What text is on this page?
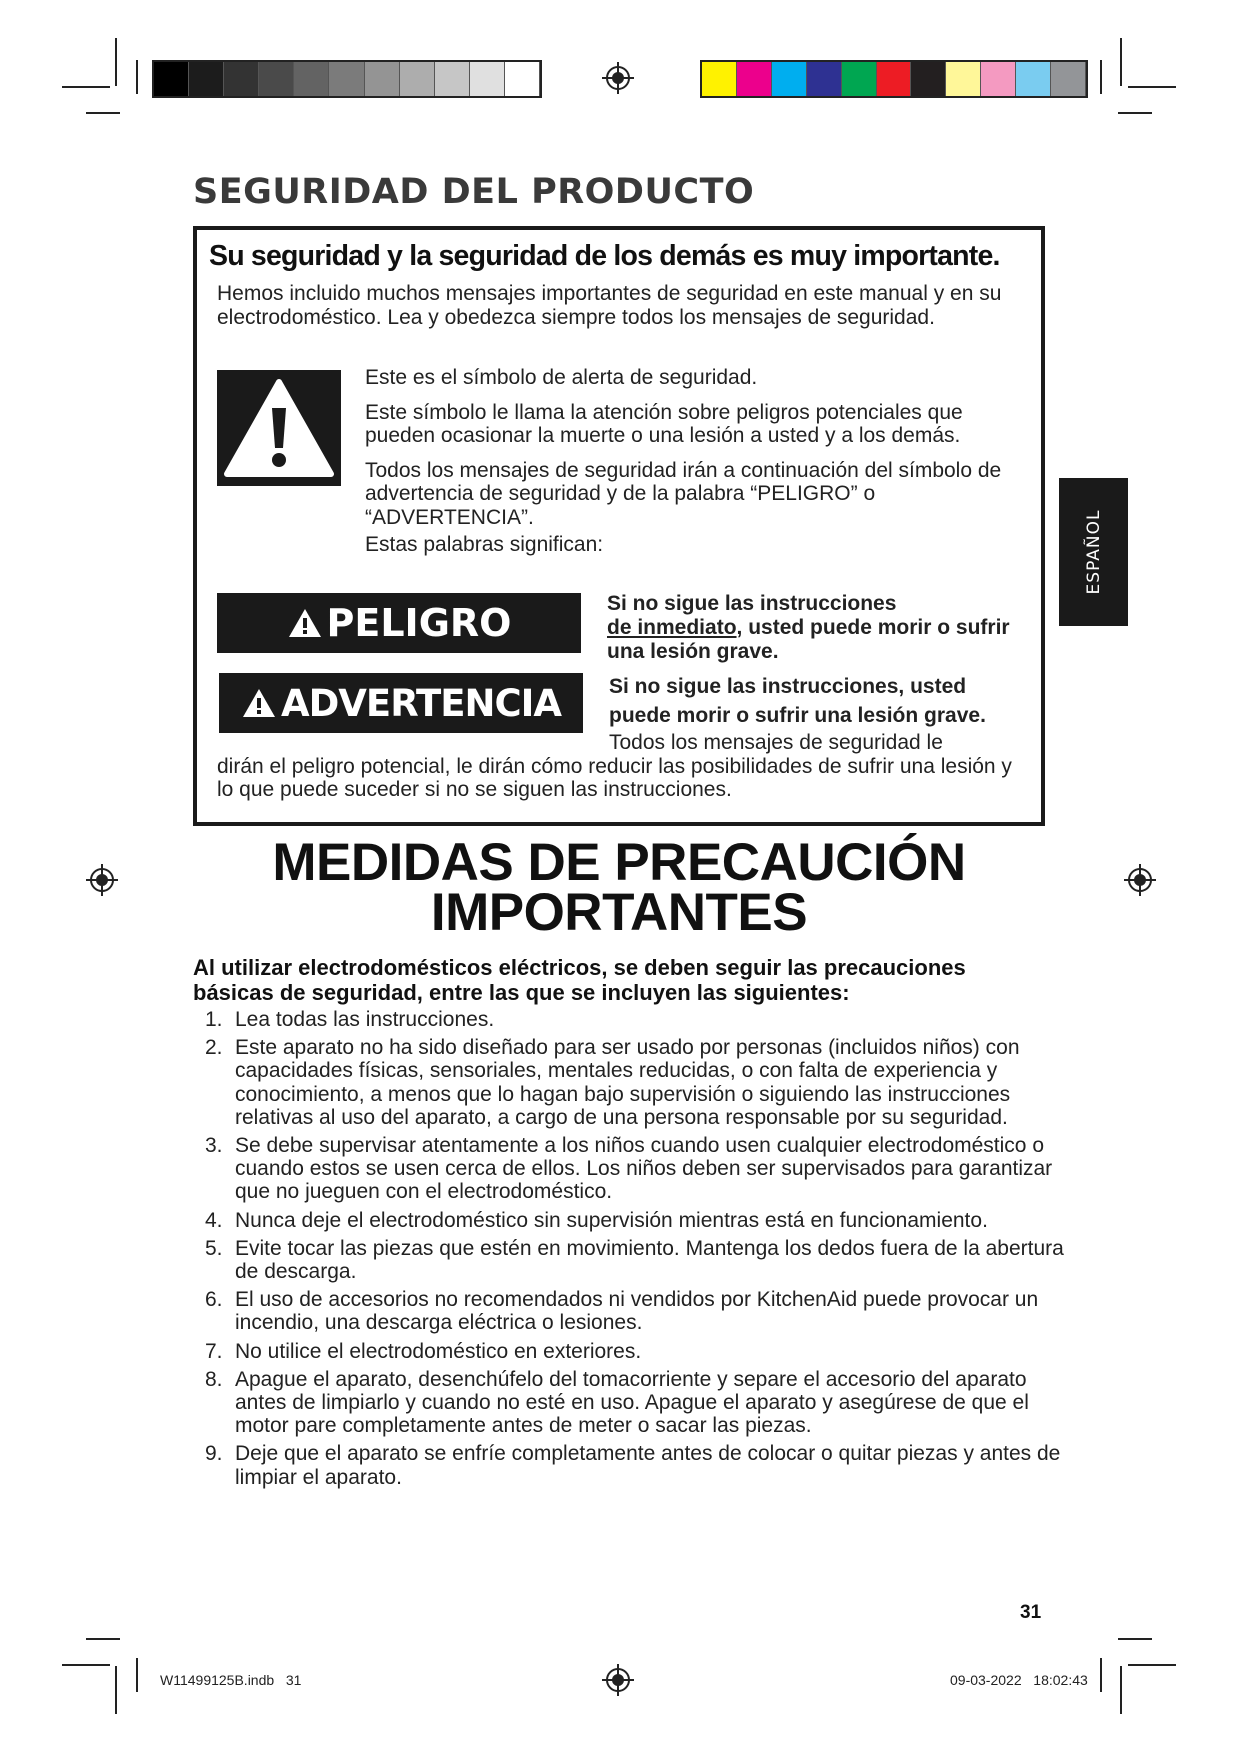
SEGURIDAD DEL PRODUCTO
Su seguridad y la seguridad de los demás es muy importante.

Hemos incluido muchos mensajes importantes de seguridad en este manual y en su electrodoméstico. Lea y obedezca siempre todos los mensajes de seguridad.

Este es el símbolo de alerta de seguridad.

Este símbolo le llama la atención sobre peligros potenciales que pueden ocasionar la muerte o una lesión a usted y a los demás.

Todos los mensajes de seguridad irán a continuación del símbolo de advertencia de seguridad y de la palabra “PELIGRO” o “ADVERTENCIA”.

Estas palabras significan:

PELIGRO	Si no sigue las instrucciones
de inmediato, usted puede morir o sufrir una lesión grave.
ADVERTENCIA Si no sigue las instrucciones, usted puede morir o sufrir una lesión grave.

Todos los mensajes de seguridad le
dirán el peligro potencial, le dirán cómo reducir las posibilidades de sufrir una lesión y lo que puede suceder si no se siguen las instrucciones.

ESPAÑOL
MEDIDAS DE PRECAUCIÓN
IMPORTANTES

Al utilizar electrodomésticos eléctricos, se deben seguir las precauciones básicas de seguridad, entre las que se incluyen las siguientes:

1. Lea todas las instrucciones.
2. Este aparato no ha sido diseñado para ser usado por personas (incluidos niños) con capacidades físicas, sensoriales, mentales reducidas, o con falta de experiencia y conocimiento, a menos que lo hagan bajo supervisión o siguiendo las instrucciones relativas al uso del aparato, a cargo de una persona responsable por su seguridad.
3. Se debe supervisar atentamente a los niños cuando usen cualquier electrodoméstico o cuando estos se usen cerca de ellos. Los niños deben ser supervisados para garantizar que no jueguen con el electrodoméstico.
4. Nunca deje el electrodoméstico sin supervisión mientras está en funcionamiento.
5. Evite tocar las piezas que estén en movimiento. Mantenga los dedos fuera de la abertura de descarga.
6. El uso de accesorios no recomendados ni vendidos por KitchenAid puede provocar un incendio, una descarga eléctrica o lesiones.
7. No utilice el electrodoméstico en exteriores.
8. Apague el aparato, desenchúfelo del tomacorriente y separe el accesorio del aparato antes de limpiarlo y cuando no esté en uso. Apague el aparato y asegúrese de que el motor pare completamente antes de meter o sacar las piezas.
9. Deje que el aparato se enfríe completamente antes de colocar o quitar piezas y antes de limpiar el aparato.
31
W11499125B.indb   31	09-03-2022   18:02:43
